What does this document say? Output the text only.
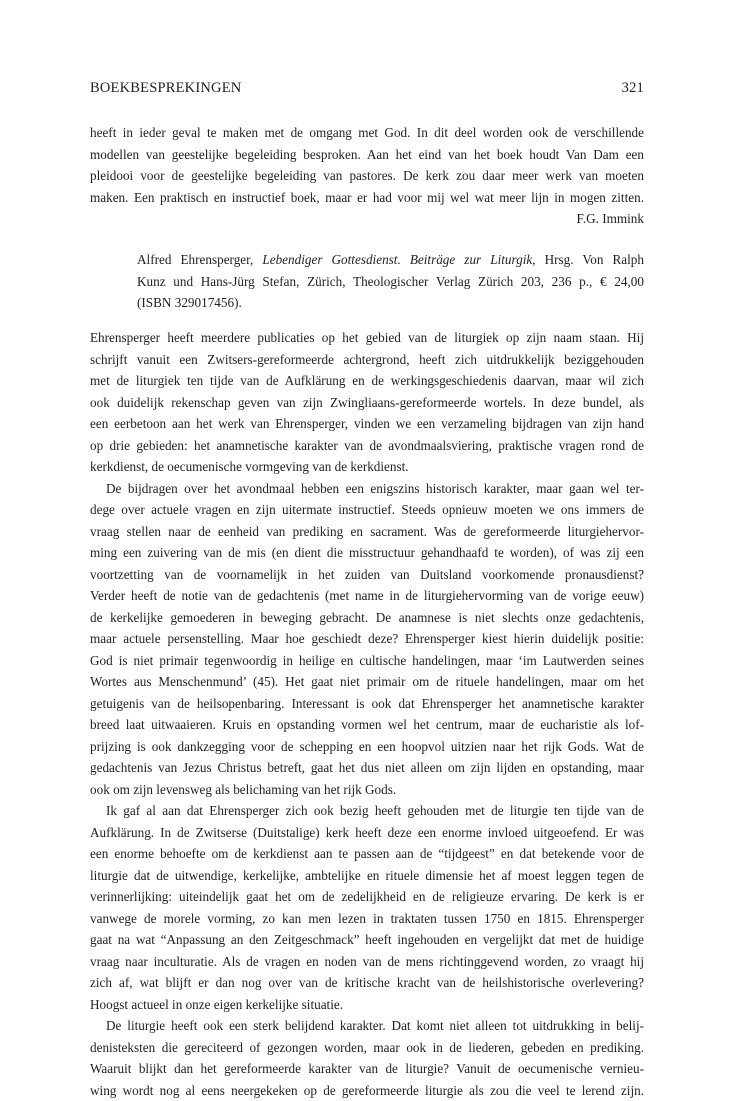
BOEKBESPREKINGEN	321
heeft in ieder geval te maken met de omgang met God. In dit deel worden ook de verschillende
modellen van geestelijke begeleiding besproken. Aan het eind van het boek houdt Van Dam een
pleidooi voor de geestelijke begeleiding van pastores. De kerk zou daar meer werk van moeten
maken. Een praktisch en instructief boek, maar er had voor mij wel wat meer lijn in mogen zitten.
F.G. Immink
Alfred Ehrensperger, Lebendiger Gottesdienst. Beiträge zur Liturgik, Hrsg. Von Ralph
Kunz und Hans-Jürg Stefan, Zürich, Theologischer Verlag Zürich 203, 236 p., € 24,00
(ISBN 329017456).
Ehrensperger heeft meerdere publicaties op het gebied van de liturgiek op zijn naam staan. Hij
schrijft vanuit een Zwitsers-gereformeerde achtergrond, heeft zich uitdrukkelijk beziggehouden
met de liturgiek ten tijde van de Aufklärung en de werkingsgeschiedenis daarvan, maar wil zich
ook duidelijk rekenschap geven van zijn Zwingliaans-gereformeerde wortels. In deze bundel, als
een eerbetoon aan het werk van Ehrensperger, vinden we een verzameling bijdragen van zijn hand
op drie gebieden: het anamnetische karakter van de avondmaalsviering, praktische vragen rond de
kerkdienst, de oecumenische vormgeving van de kerkdienst.
De bijdragen over het avondmaal hebben een enigszins historisch karakter, maar gaan wel ter-
dege over actuele vragen en zijn uitermate instructief. Steeds opnieuw moeten we ons immers de
vraag stellen naar de eenheid van prediking en sacrament. Was de gereformeerde liturgiehervor-
ming een zuivering van de mis (en dient die misstructuur gehandhaafd te worden), of was zij een
voortzetting van de voornamelijk in het zuiden van Duitsland voorkomende pronausdienst?
Verder heeft de notie van de gedachtenis (met name in de liturgiehervorming van de vorige eeuw)
de kerkelijke gemoederen in beweging gebracht. De anamnese is niet slechts onze gedachtenis,
maar actuele persenstelling. Maar hoe geschiedt deze? Ehrensperger kiest hierin duidelijk positie:
God is niet primair tegenwoordig in heilige en cultische handelingen, maar ‘im Lautwerden seines
Wortes aus Menschenmund’ (45). Het gaat niet primair om de rituele handelingen, maar om het
getuigenis van de heilsopenbaring. Interessant is ook dat Ehrensperger het anamnetische karakter
breed laat uitwaaieren. Kruis en opstanding vormen wel het centrum, maar de eucharistie als lof-
prijzing is ook dankzegging voor de schepping en een hoopvol uitzien naar het rijk Gods. Wat de
gedachtenis van Jezus Christus betreft, gaat het dus niet alleen om zijn lijden en opstanding, maar
ook om zijn levensweg als belichaming van het rijk Gods.
Ik gaf al aan dat Ehrensperger zich ook bezig heeft gehouden met de liturgie ten tijde van de
Aufklärung. In de Zwitserse (Duitstalige) kerk heeft deze een enorme invloed uitgeoefend. Er was
een enorme behoefte om de kerkdienst aan te passen aan de “tijdgeest” en dat betekende voor de
liturgie dat de uitwendige, kerkelijke, ambtelijke en rituele dimensie het af moest leggen tegen de
verinnerlijking: uiteindelijk gaat het om de zedelijkheid en de religieuze ervaring. De kerk is er
vanwege de morele vorming, zo kan men lezen in traktaten tussen 1750 en 1815. Ehrensperger
gaat na wat “Anpassung an den Zeitgeschmack” heeft ingehouden en vergelijkt dat met de huidige
vraag naar inculturatie. Als de vragen en noden van de mens richtinggevend worden, zo vraagt hij
zich af, wat blijft er dan nog over van de kritische kracht van de heilshistorische overlevering?
Hoogst actueel in onze eigen kerkelijke situatie.
De liturgie heeft ook een sterk belijdend karakter. Dat komt niet alleen tot uitdrukking in belij-
denisteksten die gereciteerd of gezongen worden, maar ook in de liederen, gebeden en prediking.
Waaruit blijkt dan het gereformeerde karakter van de liturgie? Vanuit de oecumenische vernieu-
wing wordt nog al eens neergekeken op de gereformeerde liturgie als zou die veel te lerend zijn.
